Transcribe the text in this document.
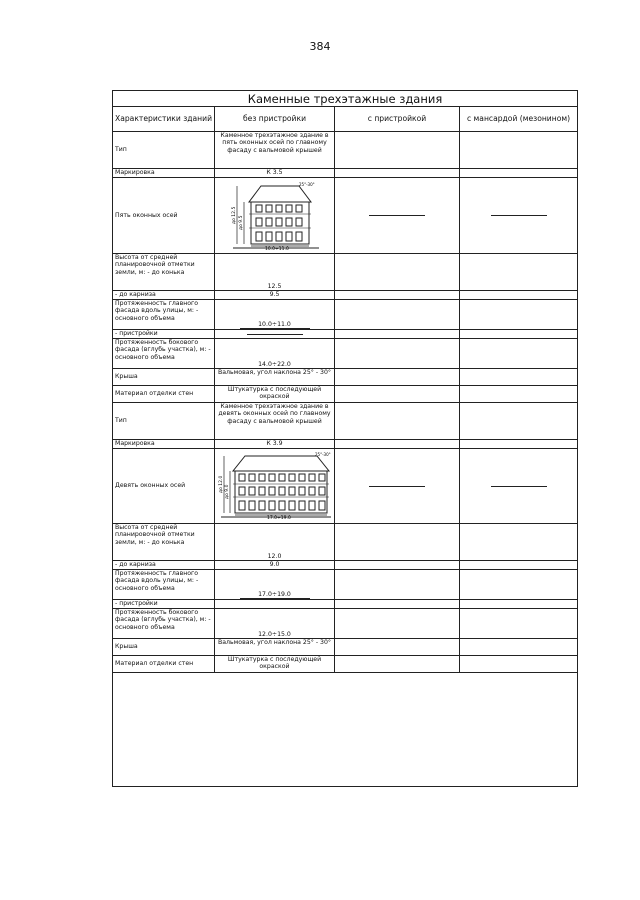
384
Каменные трехэтажные здания			
Характеристики зданий	без пристройки	с пристройкой	с мансардой (мезонином)
Тип	Каменное трехэтажное здание в пять оконных осей по главному фасаду с вальмовой крышей		
Маркировка	К 3.5		
Пять оконных осей	до 12.5 до 9.5
10.0÷11.0
25°-30°		

Высота от средней планировочной отметки земли, м: - до конька	12.5		
- до карниза	9.5		
Протяженность главного фасада вдоль улицы, м: - основного объема	10.0÷11.0		
- пристройки	

Протяженность бокового фасада (вглубь участка), м: - основного объема	14.0÷22.0		
Крыша	Вальмовая, угол наклона 25° - 30°		
Материал отделки стен	Штукатурка с последующей окраской		
Тип	Каменное трехэтажное здание в девять оконных осей по главному фасаду с вальмовой крышей		
Маркировка	К 3.9		
Девять оконных осей	до 12.0 до 9.0
17.0÷19.0
25°-30°		

Высота от средней планировочной отметки земли, м: - до конька	12.0		
- до карниза	9.0		
Протяженность главного фасада вдоль улицы, м: - основного объема	17.0÷19.0		
- пристройки			
Протяженность бокового фасада (вглубь участка), м: - основного объема	12.0÷15.0		
Крыша	Вальмовая, угол наклона 25° - 30°		
Материал отделки стен	Штукатурка с последующей окраской		
